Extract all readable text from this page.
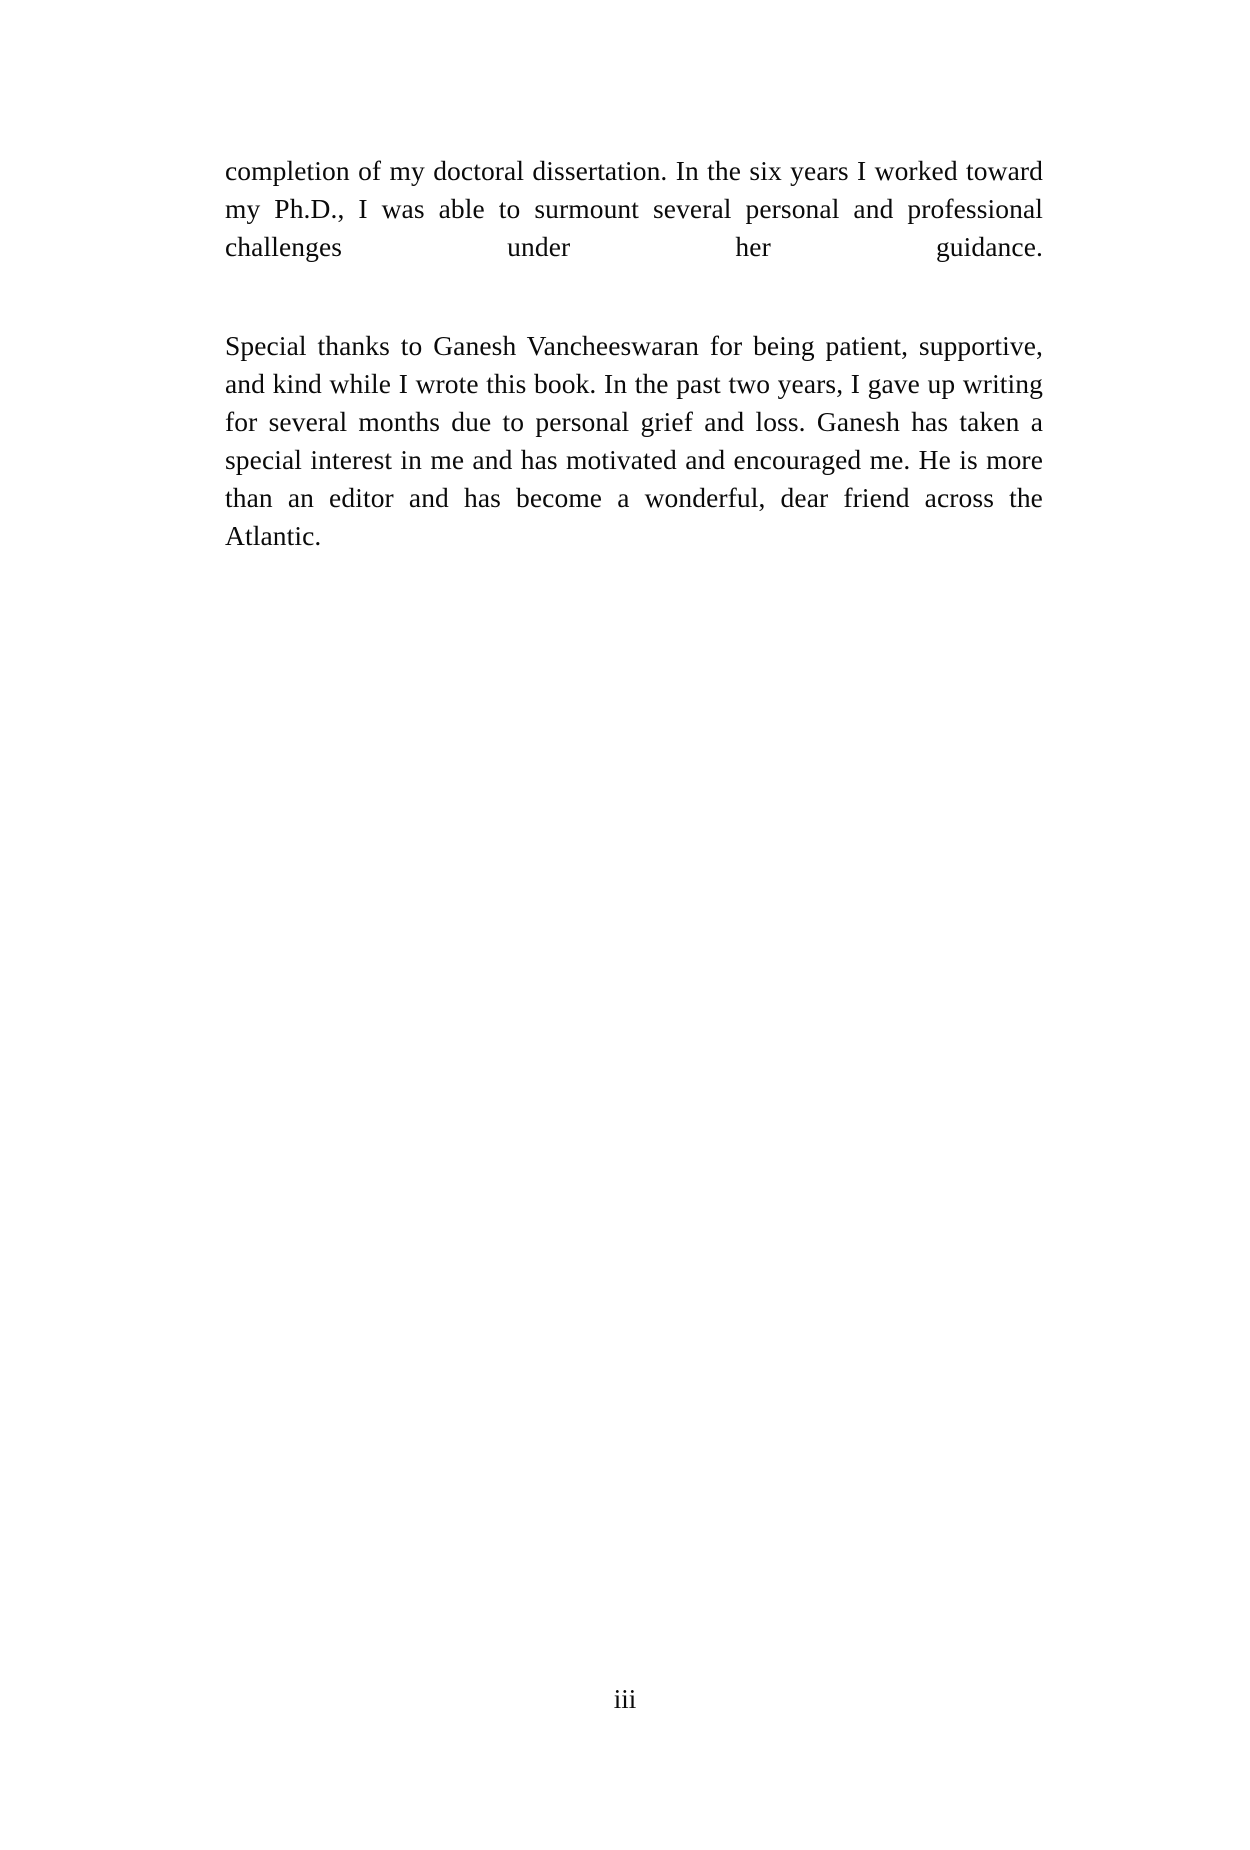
completion of my doctoral dissertation. In the six years I worked toward my Ph.D., I was able to surmount several personal and professional challenges under her guidance.

Special thanks to Ganesh Vancheeswaran for being patient, supportive, and kind while I wrote this book. In the past two years, I gave up writing for several months due to personal grief and loss. Ganesh has taken a special interest in me and has motivated and encouraged me. He is more than an editor and has become a wonderful, dear friend across the Atlantic.

iii
